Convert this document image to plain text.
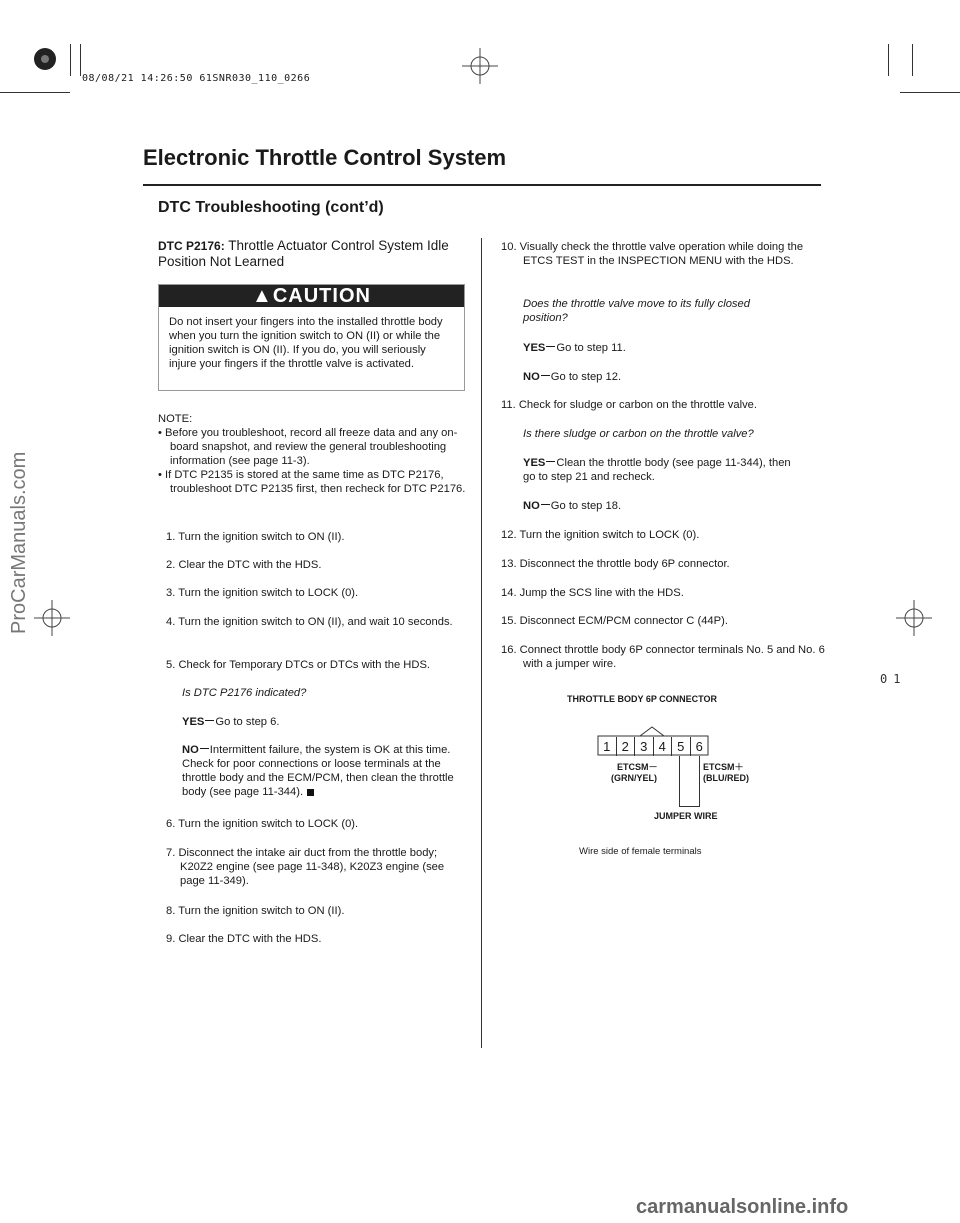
08/08/21 14:26:50 61SNR030_110_0266
ProCarManuals.com
01
Electronic Throttle Control System
DTC Troubleshooting (cont’d)
DTC P2176: Throttle Actuator Control System Idle Position Not Learned
▲CAUTION
Do not insert your fingers into the installed throttle body when you turn the ignition switch to ON (II) or while the ignition switch is ON (II). If you do, you will seriously injure your fingers if the throttle valve is activated.
NOTE:
• Before you troubleshoot, record all freeze data and any on-board snapshot, and review the general troubleshooting information (see page 11-3).
• If DTC P2135 is stored at the same time as DTC P2176, troubleshoot DTC P2135 first, then recheck for DTC P2176.
1. Turn the ignition switch to ON (II).
2. Clear the DTC with the HDS.
3. Turn the ignition switch to LOCK (0).
4. Turn the ignition switch to ON (II), and wait 10 seconds.
5. Check for Temporary DTCs or DTCs with the HDS.
Is DTC P2176 indicated?
YES Go to step 6.
NO Intermittent failure, the system is OK at this time. Check for poor connections or loose terminals at the throttle body and the ECM/PCM, then clean the throttle body (see page 11-344).
6. Turn the ignition switch to LOCK (0).
7. Disconnect the intake air duct from the throttle body; K20Z2 engine (see page 11-348), K20Z3 engine (see page 11-349).
8. Turn the ignition switch to ON (II).
9. Clear the DTC with the HDS.
10. Visually check the throttle valve operation while doing the ETCS TEST in the INSPECTION MENU with the HDS.
Does the throttle valve move to its fully closed position?
YES Go to step 11.
NO Go to step 12.
11. Check for sludge or carbon on the throttle valve.
Is there sludge or carbon on the throttle valve?
YES Clean the throttle body (see page 11-344), then go to step 21 and recheck.
NO Go to step 18.
12. Turn the ignition switch to LOCK (0).
13. Disconnect the throttle body 6P connector.
14. Jump the SCS line with the HDS.
15. Disconnect ECM/PCM connector C (44P).
16. Connect throttle body 6P connector terminals No. 5 and No. 6 with a jumper wire.
THROTTLE BODY 6P CONNECTOR
1 2 3 4 5 6
ETCSM－
(GRN/YEL)
ETCSM＋
(BLU/RED)
JUMPER WIRE
Wire side of female terminals
carmanualsonline.info
